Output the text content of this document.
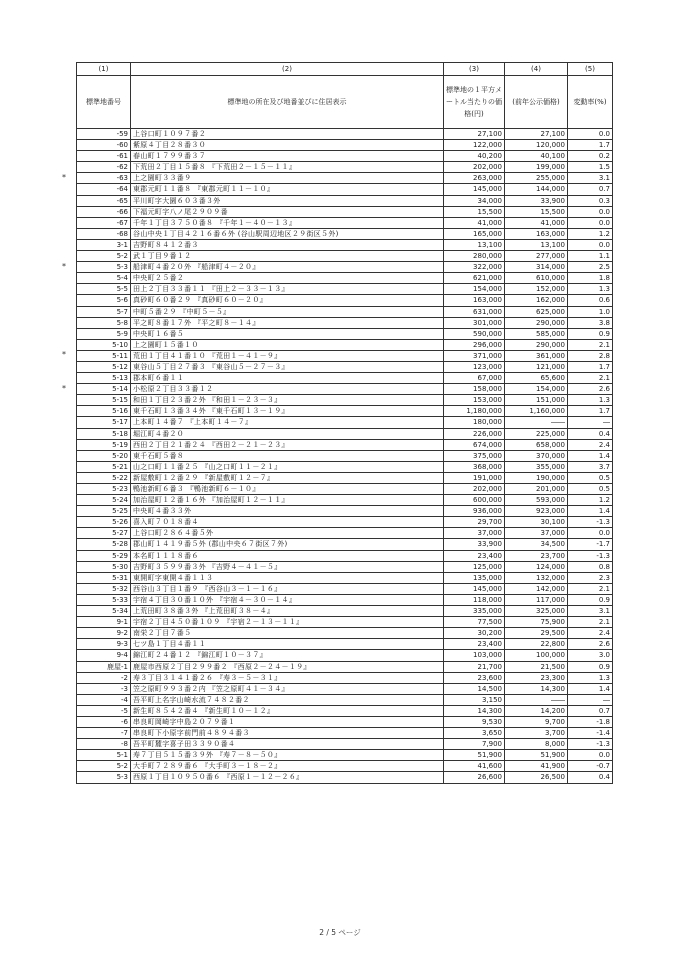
(1)	(2)	(3)	(4)	(5)
標準地番号	標準地の所在及び地番並びに住居表示	標準地の１平方メートル当たりの価格(円)	(前年公示価格)	変動率(%)
-59	上谷口町１０９７番２	27,100	27,100	0.0
-60	紫原４丁目２８番３０	122,000	120,000	1.7
-61	春山町１７９９番３７	40,200	40,100	0.2
-62	下荒田２丁目１５番８ 『下荒田２－１５－１１』	202,000	199,000	1.5
-63	上之園町３３番９	263,000	255,000	3.1
-64	東郡元町１１番８ 『東郡元町１１－１０』	145,000	144,000	0.7
-65	平川町字大園６０３番３外	34,000	33,900	0.3
-66	下福元町字八ノ尾２９０９番	15,500	15,500	0.0
-67	千年１丁目３７５０番８ 『千年１－４０－１３』	41,000	41,000	0.0
-68	谷山中央１丁目４２１６番６外 (谷山駅周辺地区２９街区５外)	165,000	163,000	1.2
3-1	吉野町８４１２番３	13,100	13,100	0.0
5-2	武１丁目９番１２	280,000	277,000	1.1
5-3	船津町４番２０外 『船津町４－２０』	322,000	314,000	2.5
5-4	中央町２５番２	621,000	610,000	1.8
5-5	田上２丁目３３番１１ 『田上２－３３－１３』	154,000	152,000	1.3
5-6	真砂町６０番２９ 『真砂町６０－２０』	163,000	162,000	0.6
5-7	中町５番２９ 『中町５－５』	631,000	625,000	1.0
5-8	平之町８番１７外 『平之町８－１４』	301,000	290,000	3.8
5-9	中央町１６番５	590,000	585,000	0.9
5-10	上之園町１５番１０	296,000	290,000	2.1
5-11	荒田１丁目４１番１０ 『荒田１－４１－９』	371,000	361,000	2.8
5-12	東谷山５丁目２７番３ 『東谷山５－２７－３』	123,000	121,000	1.7
5-13	郡本町６番１１	67,000	65,600	2.1
5-14	小松原２丁目３３番１２	158,000	154,000	2.6
5-15	和田１丁目２３番２外 『和田１－２３－３』	153,000	151,000	1.3
5-16	東千石町１３番３４外 『東千石町１３－１９』	1,180,000	1,160,000	1.7
5-17	上本町１４番７ 『上本町１４－７』	180,000	――	―
5-18	堀江町４番２０	226,000	225,000	0.4
5-19	西田２丁目２１番２４ 『西田２－２１－２３』	674,000	658,000	2.4
5-20	東千石町５番８	375,000	370,000	1.4
5-21	山之口町１１番２５ 『山之口町１１－２１』	368,000	355,000	3.7
5-22	新屋敷町１２番２９ 『新屋敷町１２－７』	191,000	190,000	0.5
5-23	鴨池新町６番３ 『鴨池新町６－１０』	202,000	201,000	0.5
5-24	加治屋町１２番１６外 『加治屋町１２－１１』	600,000	593,000	1.2
5-25	中央町４番３３外	936,000	923,000	1.4
5-26	喜入町７０１８番４	29,700	30,100	-1.3
5-27	上谷口町２８６４番５外	37,000	37,000	0.0
5-28	郡山町１４１９番５外 (郡山中央６７街区７外)	33,900	34,500	-1.7
5-29	本名町１１１８番６	23,400	23,700	-1.3
5-30	吉野町３５９９番３外 『吉野４－４１－５』	125,000	124,000	0.8
5-31	東開町字東開４番１１３	135,000	132,000	2.3
5-32	西谷山３丁目１番９ 『西谷山３－１－１６』	145,000	142,000	2.1
5-33	宇宿４丁目３０番１０外 『宇宿４－３０－１４』	118,000	117,000	0.9
5-34	上荒田町３８番３外 『上荒田町３８－４』	335,000	325,000	3.1
9-1	宇宿２丁目４５０番１０９ 『宇宿２－１３－１１』	77,500	75,900	2.1
9-2	南栄２丁目７番５	30,200	29,500	2.4
9-3	七ツ島１丁目４番１１	23,400	22,800	2.6
9-4	錦江町２４番１２ 『錦江町１０－３７』	103,000	100,000	3.0
鹿屋-1	鹿屋市西原２丁目２９９番２ 『西原２－２４－１９』	21,700	21,500	0.9
-2	寿３丁目３１４１番２６ 『寿３－５－３１』	23,600	23,300	1.3
-3	笠之原町９９３番２内 『笠之原町４１－３４』	14,500	14,300	1.4
-4	吾平町上名字山崎水流７４８２番２	3,150	――	―
-5	新生町８５４２番４ 『新生町１０－１２』	14,300	14,200	0.7
-6	串良町岡崎字中島２０７９番１	9,530	9,700	-1.8
-7	串良町下小原字前門前４８９４番３	3,650	3,700	-1.4
-8	吾平町麓字喜子田３３９０番４	7,900	8,000	-1.3
5-1	寿７丁目５１５番３９外 『寿７－８－５０』	51,900	51,900	0.0
5-2	大手町７２８９番６ 『大手町３－１８－２』	41,600	41,900	-0.7
5-3	西原１丁目１０９５０番６ 『西原１－１２－２６』	26,600	26,500	0.4
*
*
*
*
2 / 5 ページ
